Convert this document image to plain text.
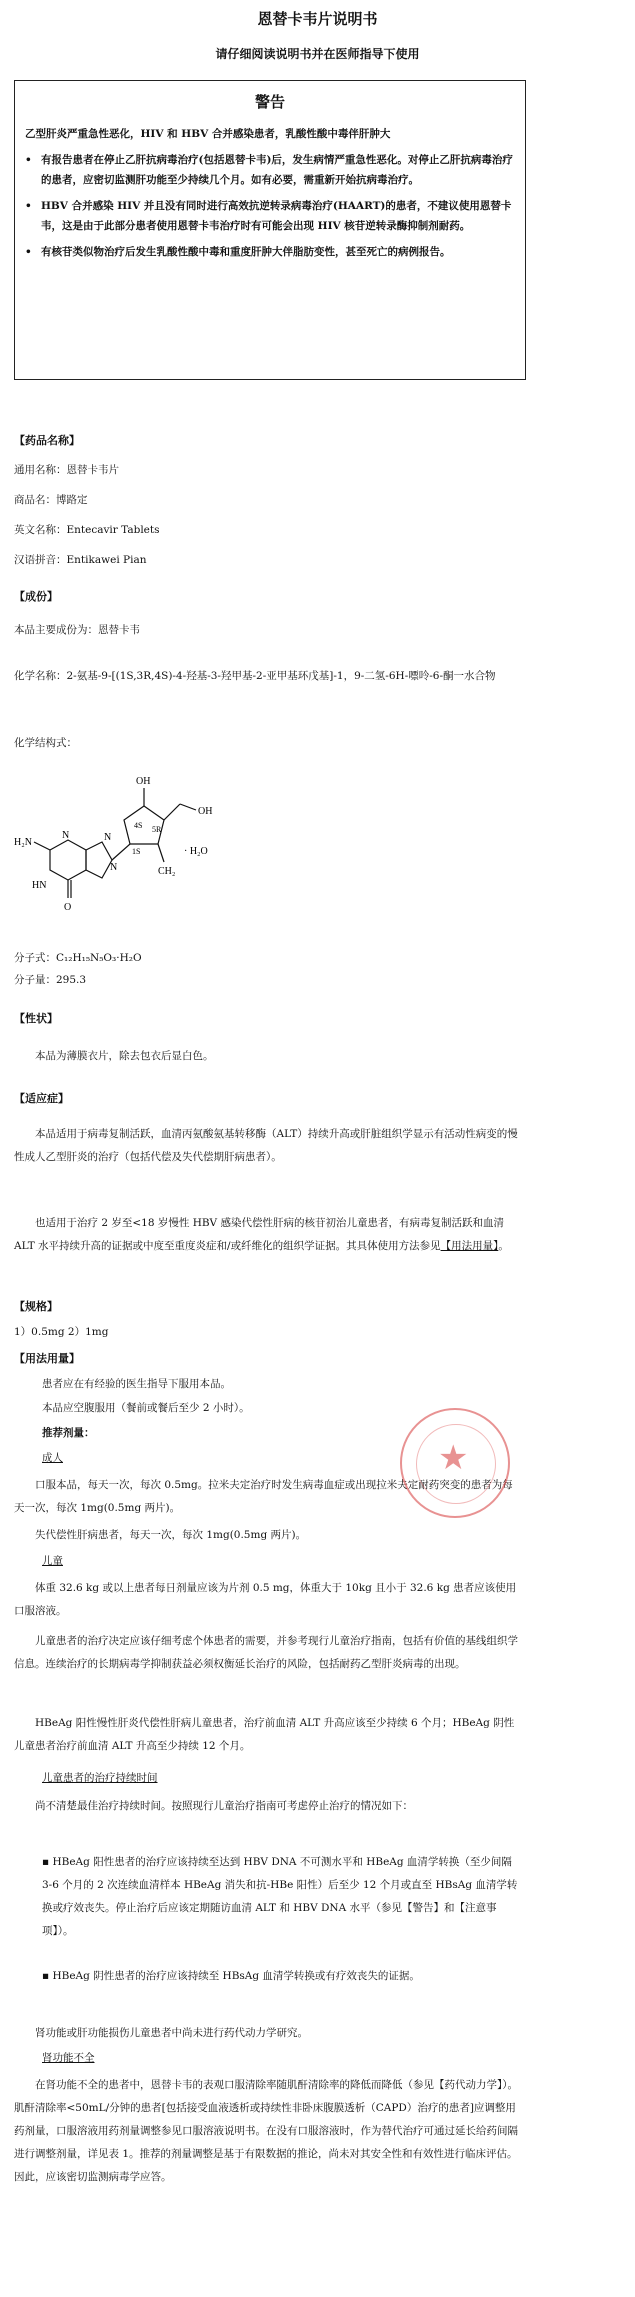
恩替卡韦片说明书
请仔细阅读说明书并在医师指导下使用
警告
乙型肝炎严重急性恶化，HIV 和 HBV 合并感染患者，乳酸性酸中毒伴肝肿大
• 有报告患者在停止乙肝抗病毒治疗(包括恩替卡韦)后，发生病情严重急性恶化。对停止乙肝抗病毒治疗的患者，应密切监测肝功能至少持续几个月。如有必要，需重新开始抗病毒治疗。
• HBV 合并感染 HIV 并且没有同时进行高效抗逆转录病毒治疗(HAART)的患者，不建议使用恩替卡韦，这是由于此部分患者使用恩替卡韦治疗时有可能会出现 HIV 核苷逆转录酶抑制剂耐药。
• 有核苷类似物治疗后发生乳酸性酸中毒和重度肝肿大伴脂肪变性，甚至死亡的病例报告。
【药品名称】
通用名称：恩替卡韦片
商品名：博路定
英文名称：Entecavir Tablets
汉语拼音：Entikawei Pian
【成份】
本品主要成份为：恩替卡韦
化学名称：2-氨基-9-[(1S,3R,4S)-4-羟基-3-羟甲基-2-亚甲基环戊基]-1，9-二氢-6H-嘌呤-6-酮一水合物
化学结构式：
H₂N
HN
N	N
N
O
OH
OH
4S 5R
1S
CH₂
· H₂O
分子式：C₁₂H₁₅N₅O₃·H₂O
分子量：295.3
【性状】
本品为薄膜衣片，除去包衣后显白色。
【适应症】
本品适用于病毒复制活跃，血清丙氨酸氨基转移酶（ALT）持续升高或肝脏组织学显示有活动性病变的慢性成人乙型肝炎的治疗（包括代偿及失代偿期肝病患者）。
也适用于治疗 2 岁至<18 岁慢性 HBV 感染代偿性肝病的核苷初治儿童患者，有病毒复制活跃和血清 ALT 水平持续升高的证据或中度至重度炎症和/或纤维化的组织学证据。其具体使用方法参见【用法用量】。
【规格】
1）0.5mg 2）1mg
【用法用量】
患者应在有经验的医生指导下服用本品。
本品应空腹服用（餐前或餐后至少 2 小时）。
推荐剂量：
成人
口服本品，每天一次，每次 0.5mg。拉米夫定治疗时发生病毒血症或出现拉米夫定耐药突变的患者为每天一次，每次 1mg(0.5mg 两片)。
失代偿性肝病患者，每天一次，每次 1mg(0.5mg 两片)。
儿童
体重 32.6 kg 或以上患者每日剂量应该为片剂 0.5 mg，体重大于 10kg 且小于 32.6 kg 患者应该使用口服溶液。
儿童患者的治疗决定应该仔细考虑个体患者的需要，并参考现行儿童治疗指南，包括有价值的基线组织学信息。连续治疗的长期病毒学抑制获益必须权衡延长治疗的风险，包括耐药乙型肝炎病毒的出现。
HBeAg 阳性慢性肝炎代偿性肝病儿童患者，治疗前血清 ALT 升高应该至少持续 6 个月；HBeAg 阴性儿童患者治疗前血清 ALT 升高至少持续 12 个月。
儿童患者的治疗持续时间
尚不清楚最佳治疗持续时间。按照现行儿童治疗指南可考虑停止治疗的情况如下：
▪ HBeAg 阳性患者的治疗应该持续至达到 HBV DNA 不可测水平和 HBeAg 血清学转换（至少间隔 3-6 个月的 2 次连续血清样本 HBeAg 消失和抗-HBe 阳性）后至少 12 个月或直至 HBsAg 血清学转换或疗效丧失。停止治疗后应该定期随访血清 ALT 和 HBV DNA 水平（参见【警告】和【注意事项】）。
▪ HBeAg 阴性患者的治疗应该持续至 HBsAg 血清学转换或有疗效丧失的证据。
肾功能或肝功能损伤儿童患者中尚未进行药代动力学研究。
肾功能不全
在肾功能不全的患者中，恩替卡韦的表观口服清除率随肌酐清除率的降低而降低（参见【药代动力学】）。肌酐清除率<50mL/分钟的患者[包括接受血液透析或持续性非卧床腹膜透析（CAPD）治疗的患者]应调整用药剂量，口服溶液用药剂量调整参见口服溶液说明书。在没有口服溶液时，作为替代治疗可通过延长给药间隔进行调整剂量，详见表 1。推荐的剂量调整是基于有限数据的推论，尚未对其安全性和有效性进行临床评估。因此，应该密切监测病毒学应答。
★
